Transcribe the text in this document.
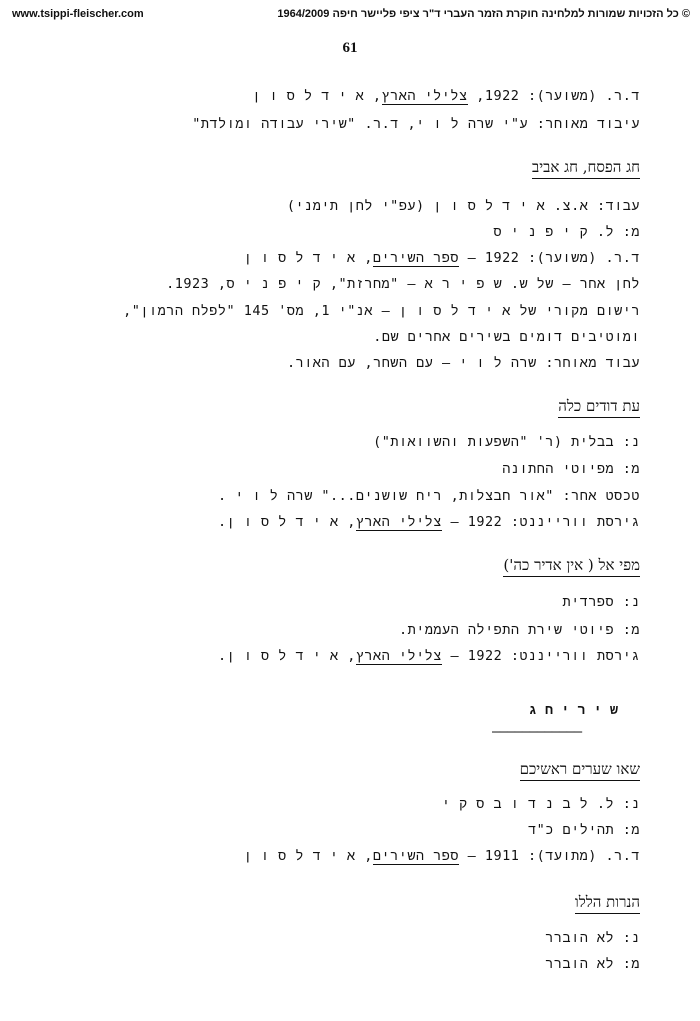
www.tsippi-fleischer.com	© כל הזכויות שמורות למלחינה חוקרת הזמר העברי ד"ר ציפי פליישר חיפה 1964/2009
61
ד.ר. (משוער): 1922, צלילי הארץ, א י ד ל ס ו ן
עיבוד מאוחר: ע"י שרה ל ו י, ד.ר. "שירי עבודה ומולדת"
חג הפסח, חג אביב
עבוד: א.צ. א י ד ל ס ו ן (עפ"י לחן תימני)
מ: ל. ק י פ נ י ס
ד.ר. (משוער): 1922 – ספר השירים, א י ד ל ס ו ן
לחן אחר – של ש. ש פ י ר א – "מחרזת", ק י פ נ י ס, 1923.
רישום מקורי של א י ד ל ס ו ן – אנ"י 1, מס' 145 "לפלח הרמון",
ומוטיבים דומים בשירים אחרים שם.
עבוד מאוחר: שרה ל ו י – עם השחר, עם האור.
עת דודים כלה
נ: בבלית (ר' "השפעות והשוואות")
מ: מפיוטי החתונה
טכסט אחר: "אור חבצלות, ריח שושנים..." שרה ל ו י .
גירסת וורייננט: 1922 – צלילי הארץ, א י ד ל ס ו ן.
מפי אל ( אין אדיר כה')
נ: ספרדית
מ: פיוטי שירת התפילה העממית.
גירסת וורייננט: 1922 – צלילי הארץ, א י ד ל ס ו ן.
ש י ר י ח ג
––––––––––––
שאו שערים ראשיכם
נ: ל. ל ב נ ד ו ב ס ק י
מ: תהילים כ"ד
ד.ר. (מתועד): 1911 – ספר השירים, א י ד ל ס ו ן
הנרות הללו
נ: לא הוברר
מ: לא הוברר
